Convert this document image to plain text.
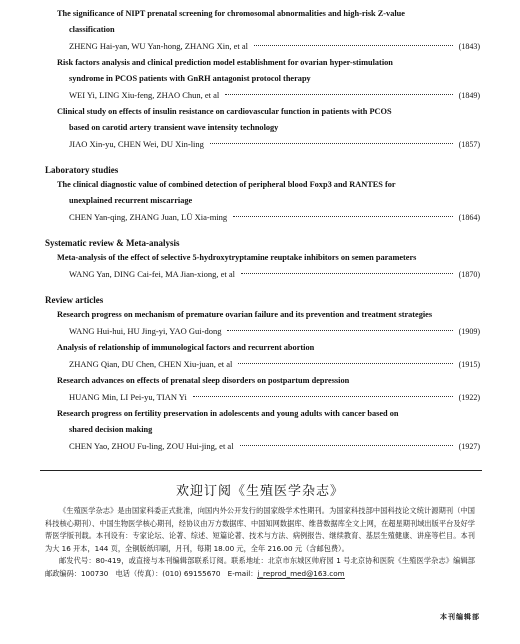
The significance of NIPT prenatal screening for chromosomal abnormalities and high-risk Z-value
classification
ZHENG Hai-yan, WU Yan-hong, ZHANG Xin, et al	(1843)
Risk factors analysis and clinical prediction model establishment for ovarian hyper-stimulation
syndrome in PCOS patients with GnRH antagonist protocol therapy
WEI Yi, LING Xiu-feng, ZHAO Chun, et al	(1849)
Clinical study on effects of insulin resistance on cardiovascular function in patients with PCOS
based on carotid artery transient wave intensity technology
JIAO Xin-yu, CHEN Wei, DU Xin-ling	(1857)
Laboratory studies
The clinical diagnostic value of combined detection of peripheral blood Foxp3 and RANTES for
unexplained recurrent miscarriage
CHEN Yan-qing, ZHANG Juan, LÜ Xia-ming	(1864)
Systematic review & Meta-analysis
Meta-analysis of the effect of selective 5-hydroxytryptamine reuptake inhibitors on semen parameters
WANG Yan, DING Cai-fei, MA Jian-xiong, et al	(1870)
Review articles
Research progress on mechanism of premature ovarian failure and its prevention and treatment strategies
WANG Hui-hui, HU Jing-yi, YAO Gui-dong	(1909)
Analysis of relationship of immunological factors and recurrent abortion
ZHANG Qian, DU Chen, CHEN Xiu-juan, et al	(1915)
Research advances on effects of prenatal sleep disorders on postpartum depression
HUANG Min, LI Pei-yu, TIAN Yi	(1922)
Research progress on fertility preservation in adolescents and young adults with cancer based on
shared decision making
CHEN Yao, ZHOU Fu-ling, ZOU Hui-jing, et al	(1927)
欢迎订阅《生殖医学杂志》

《生殖医学杂志》是由国家科委正式批准，向国内外公开发行的国家级学术性期刊。为国家科技部中国科技论文统计源期刊（中国科技核心期刊）、中国生物医学核心期刊，经协议由万方数据库、中国知网数据库、维普数据库全文上网，在超星期刊域出版平台及好学帮医学版刊载。本刊设有：专家论坛、论著、综述、短篇论著、技术与方法、病例报告、继续教育、基层生殖健康、讲座等栏目。本刊为大 16 开本，144 页，全铜版纸印刷，月刊，每期 18.00 元，全年 216.00 元（含邮包费）。

邮发代号：80-419，或直接与本刊编辑部联系订阅。联系地址：北京市东城区帅府园 1 号北京协和医院《生殖医学杂志》编辑部　邮政编码：100730　电话（传真）：(010) 69155670　E-mail：j_reprod_med@163.com

本刊编辑部
